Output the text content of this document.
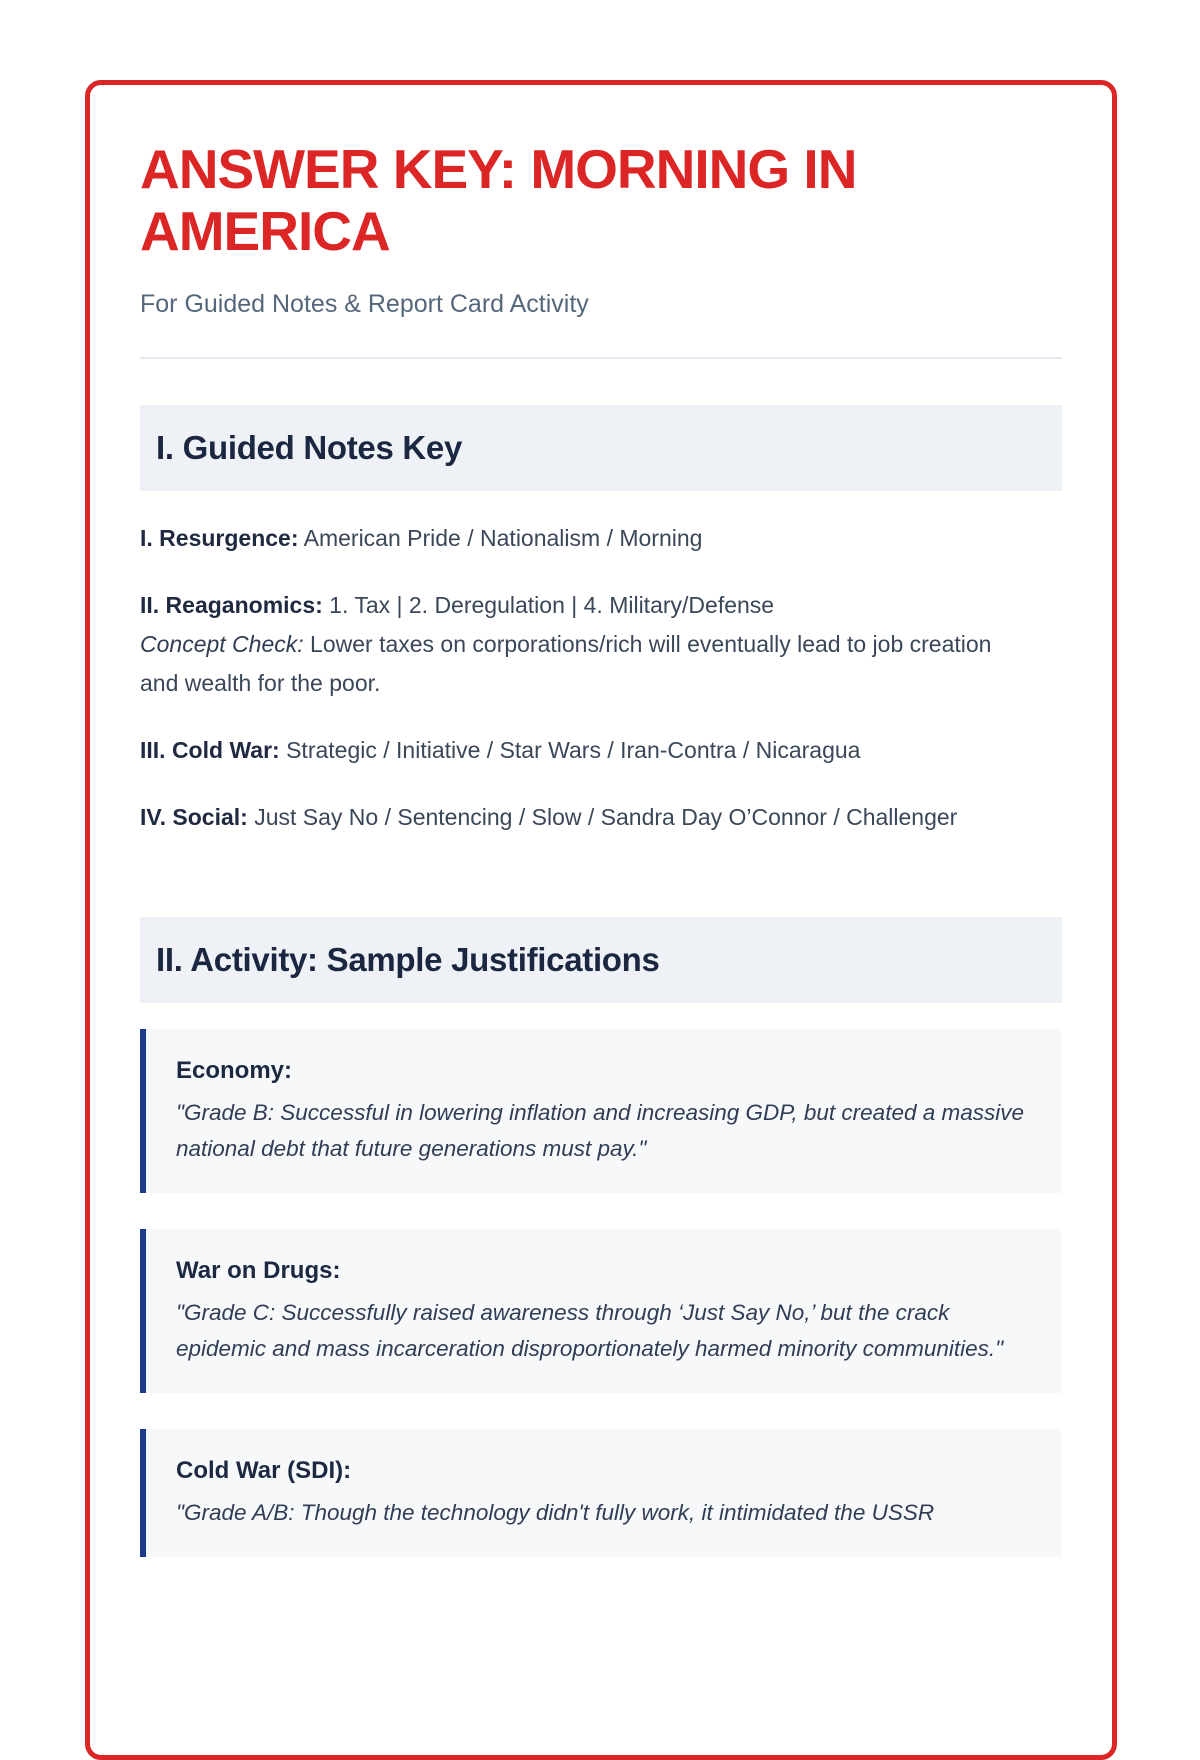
ANSWER KEY: MORNING IN AMERICA

For Guided Notes & Report Card Activity

I. Guided Notes Key

I. Resurgence: American Pride / Nationalism / Morning

II. Reaganomics: 1. Tax | 2. Deregulation | 4. Military/Defense
Concept Check: Lower taxes on corporations/rich will eventually lead to job creation and wealth for the poor.

III. Cold War: Strategic / Initiative / Star Wars / Iran-Contra / Nicaragua

IV. Social: Just Say No / Sentencing / Slow / Sandra Day O’Connor / Challenger

II. Activity: Sample Justifications
Economy:
"Grade B: Successful in lowering inflation and increasing GDP, but created a massive national debt that future generations must pay."
War on Drugs:
"Grade C: Successfully raised awareness through ‘Just Say No,’ but the crack epidemic and mass incarceration disproportionately harmed minority communities."
Cold War (SDI):
"Grade A/B: Though the technology didn't fully work, it intimidated the USSR
